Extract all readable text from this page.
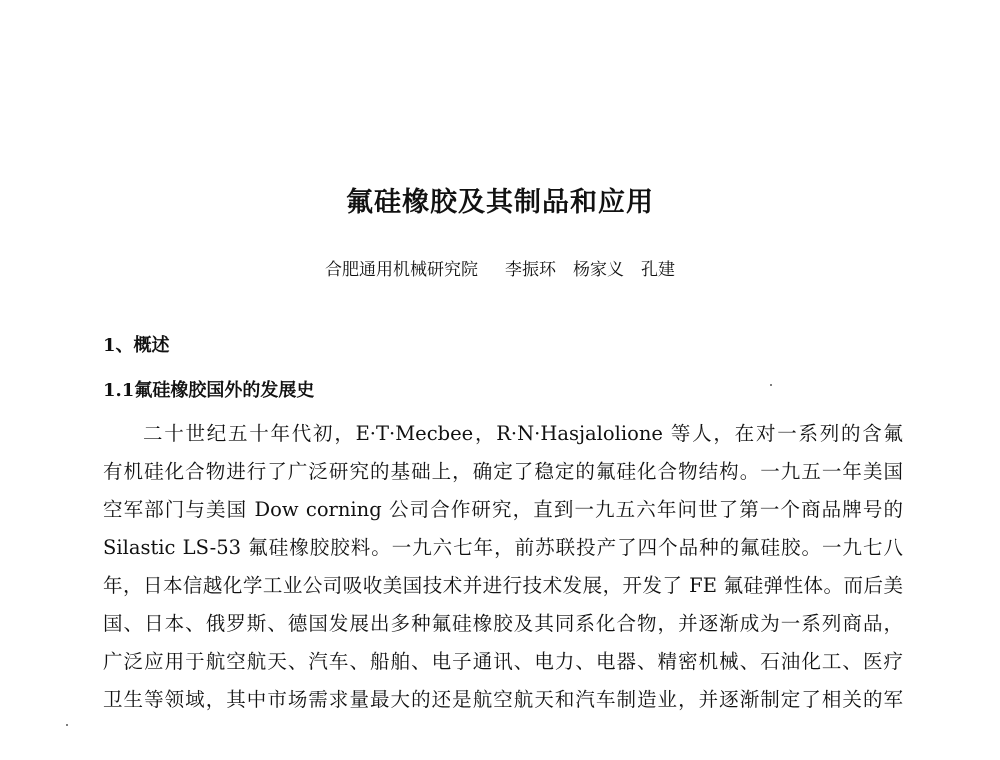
氟硅橡胶及其制品和应用
合肥通用机械研究院 李振环　杨家义　孔建
1、概述
1.1氟硅橡胶国外的发展史
二十世纪五十年代初，E·T·Mecbee，R·N·Hasjalolione 等人，在对一系列的含氟
有机硅化合物进行了广泛研究的基础上，确定了稳定的氟硅化合物结构。一九五一年美国
空军部门与美国 Dow corning 公司合作研究，直到一九五六年问世了第一个商品牌号的
Silastic LS-53 氟硅橡胶胶料。一九六七年，前苏联投产了四个品种的氟硅胶。一九七八
年，日本信越化学工业公司吸收美国技术并进行技术发展，开发了 FE 氟硅弹性体。而后美
国、日本、俄罗斯、德国发展出多种氟硅橡胶及其同系化合物，并逐渐成为一系列商品，
广泛应用于航空航天、汽车、船舶、电子通讯、电力、电器、精密机械、石油化工、医疗
卫生等领域，其中市场需求量最大的还是航空航天和汽车制造业，并逐渐制定了相关的军
